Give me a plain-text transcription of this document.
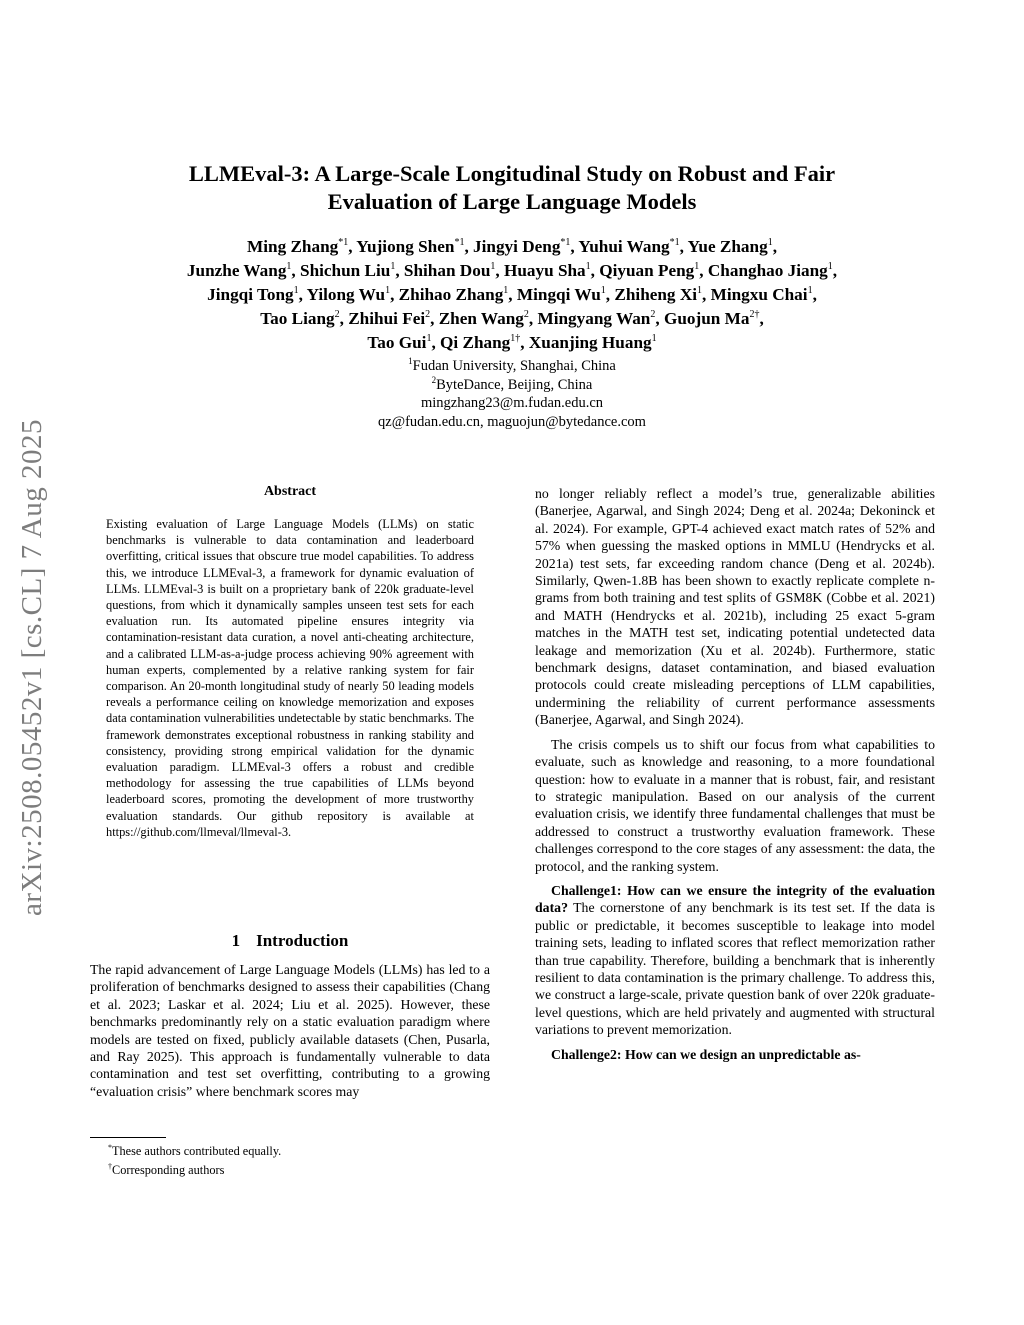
arXiv:2508.05452v1 [cs.CL] 7 Aug 2025
LLMEval-3: A Large-Scale Longitudinal Study on Robust and Fair
Evaluation of Large Language Models
Ming Zhang$^{*1}$, Yujiong Shen$^{*1}$, Jingyi Deng$^{*1}$, Yuhui Wang$^{*1}$, Yue Zhang$^1$,
Junzhe Wang$^1$, Shichun Liu$^1$, Shihan Dou$^1$, Huayu Sha$^1$, Qiyuan Peng$^1$, Changhao Jiang$^1$,
Jingqi Tong$^1$, Yilong Wu$^1$, Zhihao Zhang$^1$, Mingqi Wu$^1$, Zhiheng Xi$^1$, Mingxu Chai$^1$,
Tao Liang$^2$, Zhihui Fei$^2$, Zhen Wang$^2$, Mingyang Wan$^2$, Guojun $Ma^{2\dagger}$,
Tao Gui$^1$, Qi Zhang$^{1\dagger}$, Xuanjing Huang$^1$
$^1$Fudan University, Shanghai, China
$^2$ByteDance, Beijing, China
mingzhang23@m.fudan.edu.cn
qz@fudan.edu.cn, maguojun@bytedance.com
Abstract
Existing evaluation of Large Language Models (LLMs) on static benchmarks is vulnerable to data contamination and leaderboard overfitting, critical issues that obscure true model capabilities. To address this, we introduce LLMEval-3, a framework for dynamic evaluation of LLMs. LLMEval-3 is built on a proprietary bank of 220k graduate-level questions, from which it dynamically samples unseen test sets for each evaluation run. Its automated pipeline ensures integrity via contamination-resistant data curation, a novel anti-cheating architecture, and a calibrated LLM-as-a-judge process achieving 90% agreement with human experts, complemented by a relative ranking system for fair comparison. An 20-month longitudinal study of nearly 50 leading models reveals a performance ceiling on knowledge memorization and exposes data contamination vulnerabilities undetectable by static benchmarks. The framework demonstrates exceptional robustness in ranking stability and consistency, providing strong empirical validation for the dynamic evaluation paradigm. LLMEval-3 offers a robust and credible methodology for assessing the true capabilities of LLMs beyond leaderboard scores, promoting the development of more trustworthy evaluation standards. Our github repository is available at https://github.com/llmeval/llmeval-3.
1 Introduction
The rapid advancement of Large Language Models (LLMs) has led to a proliferation of benchmarks designed to assess their capabilities (Chang et al. 2023; Laskar et al. 2024; Liu et al. 2025). However, these benchmarks predominantly rely on a static evaluation paradigm where models are tested on fixed, publicly available datasets (Chen, Pusarla, and Ray 2025). This approach is fundamentally vulnerable to data contamination and test set overfitting, contributing to a growing “evaluation crisis” where benchmark scores may
*These authors contributed equally.
†Corresponding authors

no longer reliably reflect a model’s true, generalizable abilities (Banerjee, Agarwal, and Singh 2024; Deng et al. 2024a; Dekoninck et al. 2024). For example, GPT-4 achieved exact match rates of 52% and 57% when guessing the masked options in MMLU (Hendrycks et al. 2021a) test sets, far exceeding random chance (Deng et al. 2024b). Similarly, Qwen-1.8B has been shown to exactly replicate complete n-grams from both training and test splits of GSM8K (Cobbe et al. 2021) and MATH (Hendrycks et al. 2021b), including 25 exact 5-gram matches in the MATH test set, indicating potential undetected data leakage and memorization (Xu et al. 2024b). Furthermore, static benchmark designs, dataset contamination, and biased evaluation protocols could create misleading perceptions of LLM capabilities, undermining the reliability of current performance assessments (Banerjee, Agarwal, and Singh 2024).

The crisis compels us to shift our focus from what capabilities to evaluate, such as knowledge and reasoning, to a more foundational question: how to evaluate in a manner that is robust, fair, and resistant to strategic manipulation. Based on our analysis of the current evaluation crisis, we identify three fundamental challenges that must be addressed to construct a trustworthy evaluation framework. These challenges correspond to the core stages of any assessment: the data, the protocol, and the ranking system.

Challenge1: How can we ensure the integrity of the evaluation data? The cornerstone of any benchmark is its test set. If the data is public or predictable, it becomes susceptible to leakage into model training sets, leading to inflated scores that reflect memorization rather than true capability. Therefore, building a benchmark that is inherently resilient to data contamination is the primary challenge. To address this, we construct a large-scale, private question bank of over 220k graduate-level questions, which are held privately and augmented with structural variations to prevent memorization.

Challenge2: How can we design an unpredictable as-
